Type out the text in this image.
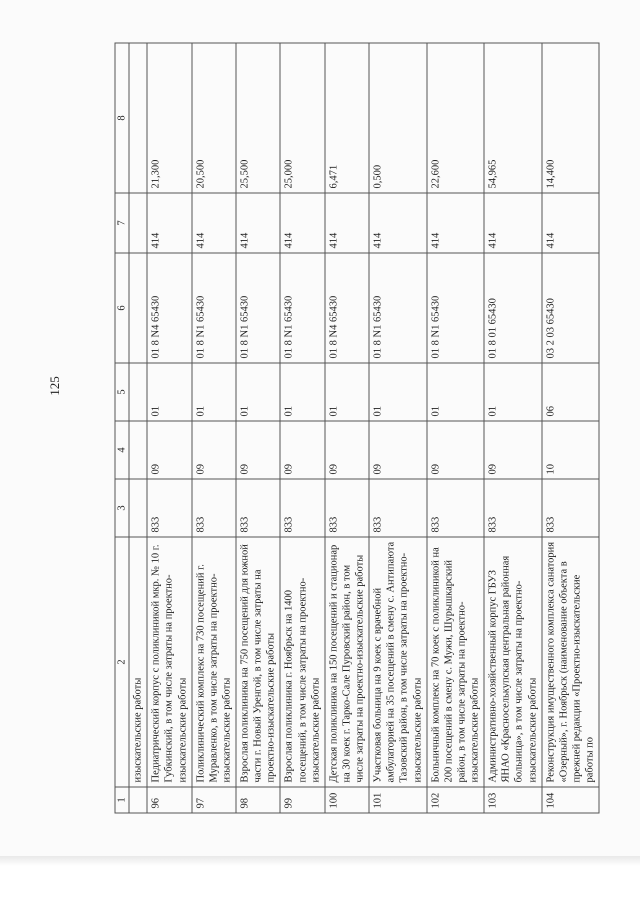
125
1	2	3	4	5	6	7	8
	изыскательские работы						
96	Педиатрический корпус с поликлиникой мкр. № 10 г. Губкинский, в том числе затраты на проектно-изыскательские работы	833	09	01	01 8 N4 65430	414	21,300
97	Поликлинический комплекс на 730 посещений г. Муравленко, в том числе затраты на проектно-изыскательские работы	833	09	01	01 8 N1 65430	414	20,500
98	Взрослая поликлиника на 750 посещений для южной части г. Новый Уренгой, в том числе затраты на проектно-изыскательские работы	833	09	01	01 8 N1 65430	414	25,500
99	Взрослая поликлиника г. Ноябрьск на 1400 посещений, в том числе затраты на проектно-изыскательские работы	833	09	01	01 8 N1 65430	414	25,000
100	Детская поликлиника на 150 посещений и стационар на 30 коек г. Тарко-Сале Пуровский район, в том числе затраты на проектно-изыскательские работы	833	09	01	01 8 N4 65430	414	6,471
101	Участковая больница на 9 коек с врачебной амбулаторией на 35 посещений в смену с. Антипаюта Тазовский район, в том числе затраты на проектно-изыскательские работы	833	09	01	01 8 N1 65430	414	0,500
102	Больничный комплекс на 70 коек с поликлиникой на 200 посещений в смену с. Мужи, Шурышкарский район, в том числе затраты на проектно-изыскательские работы	833	09	01	01 8 N1 65430	414	22,600
103	Административно-хозяйственный корпус ГБУЗ ЯНАО «Красноселькупская центральная районная больница», в том числе затраты на проектно-изыскательские работы	833	09	01	01 8 01 65430	414	54,965
104	Реконструкция имущественного комплекса санатория «Озерный», г. Ноябрьск (наименование объекта в прежней редакции «Проектно-изыскательские работы по	833	10	06	03 2 03 65430	414	14,400
